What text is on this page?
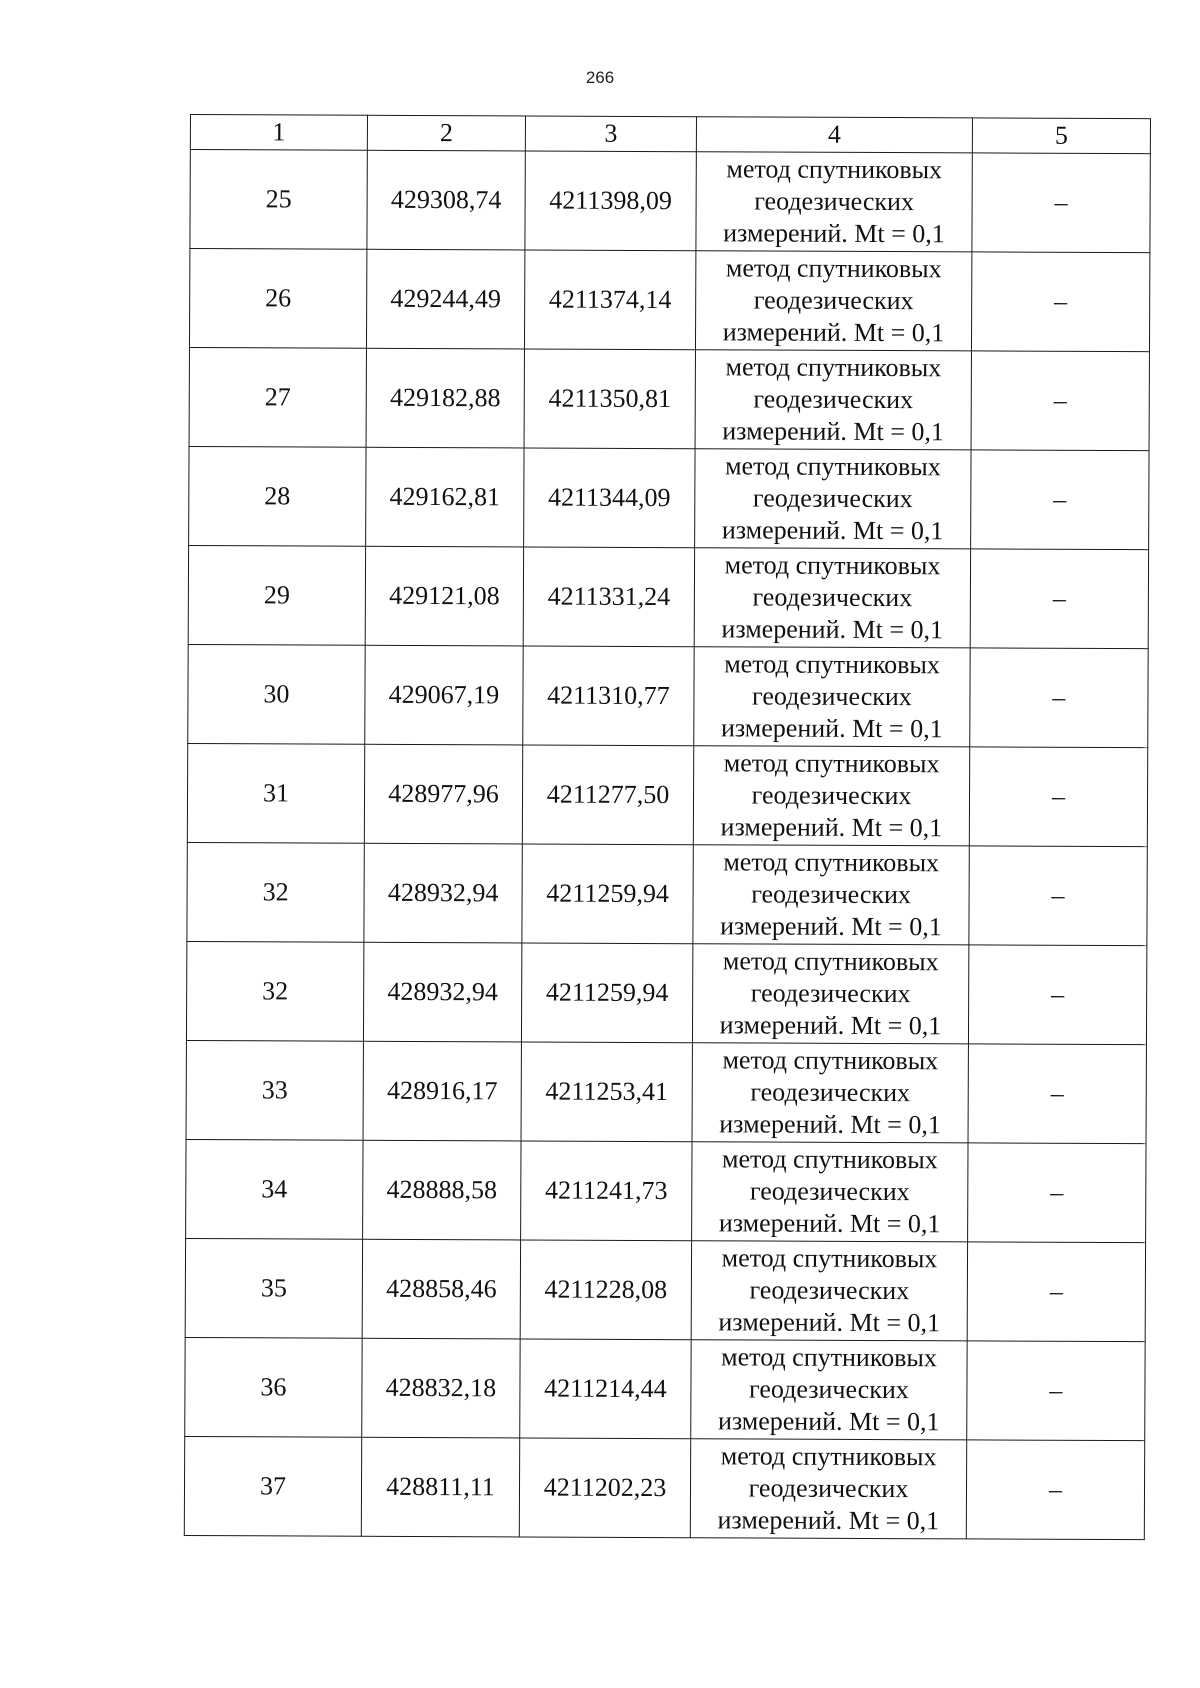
266
1	2	3	4	5
25	429308,74	4211398,09	метод спутниковых
геодезических
измерений. Mt = 0,1	–
26	429244,49	4211374,14	метод спутниковых
геодезических
измерений. Mt = 0,1	–
27	429182,88	4211350,81	метод спутниковых
геодезических
измерений. Mt = 0,1	–
28	429162,81	4211344,09	метод спутниковых
геодезических
измерений. Mt = 0,1	–
29	429121,08	4211331,24	метод спутниковых
геодезических
измерений. Mt = 0,1	–
30	429067,19	4211310,77	метод спутниковых
геодезических
измерений. Mt = 0,1	–
31	428977,96	4211277,50	метод спутниковых
геодезических
измерений. Mt = 0,1	–
32	428932,94	4211259,94	метод спутниковых
геодезических
измерений. Mt = 0,1	–
32	428932,94	4211259,94	метод спутниковых
геодезических
измерений. Mt = 0,1	–
33	428916,17	4211253,41	метод спутниковых
геодезических
измерений. Mt = 0,1	–
34	428888,58	4211241,73	метод спутниковых
геодезических
измерений. Mt = 0,1	–
35	428858,46	4211228,08	метод спутниковых
геодезических
измерений. Mt = 0,1	–
36	428832,18	4211214,44	метод спутниковых
геодезических
измерений. Mt = 0,1	–
37	428811,11	4211202,23	метод спутниковых
геодезических
измерений. Mt = 0,1	–
